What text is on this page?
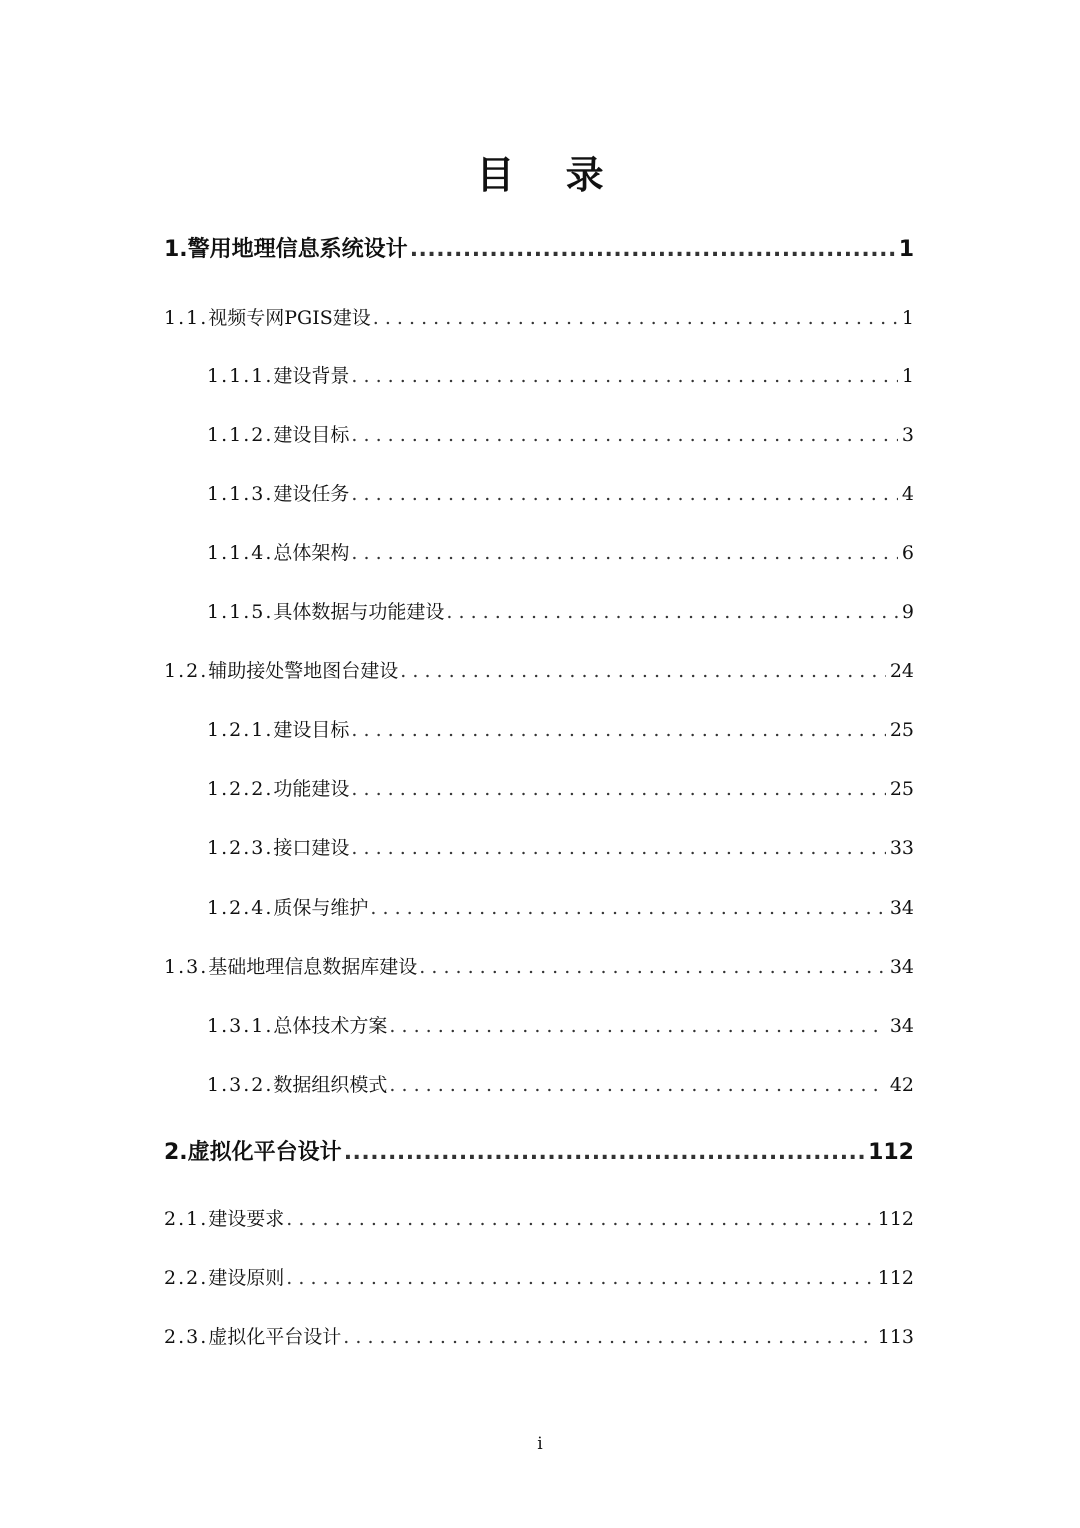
目 录
1. 警用地理信息系统设计 .....	1
1.1. 视频专网PGIS建设 . . .	1
1.1.1. 建设背景 . . .	1
1.1.2. 建设目标 . . .	3
1.1.3. 建设任务 . . .	4
1.1.4. 总体架构 . . .	6
1.1.5. 具体数据与功能建设 . . .	9
1.2. 辅助接处警地图台建设 . . .	24
1.2.1. 建设目标 . . .	25
1.2.2. 功能建设 . . .	25
1.2.3. 接口建设 . . .	33
1.2.4. 质保与维护 . . .	34
1.3. 基础地理信息数据库建设 . . .	34
1.3.1. 总体技术方案 . . .	34
1.3.2. 数据组织模式 . . .	42
2. 虚拟化平台设计 .....	112
2.1. 建设要求 . . .	112
2.2. 建设原则 . . .	112
2.3. 虚拟化平台设计 . . .	113
i
